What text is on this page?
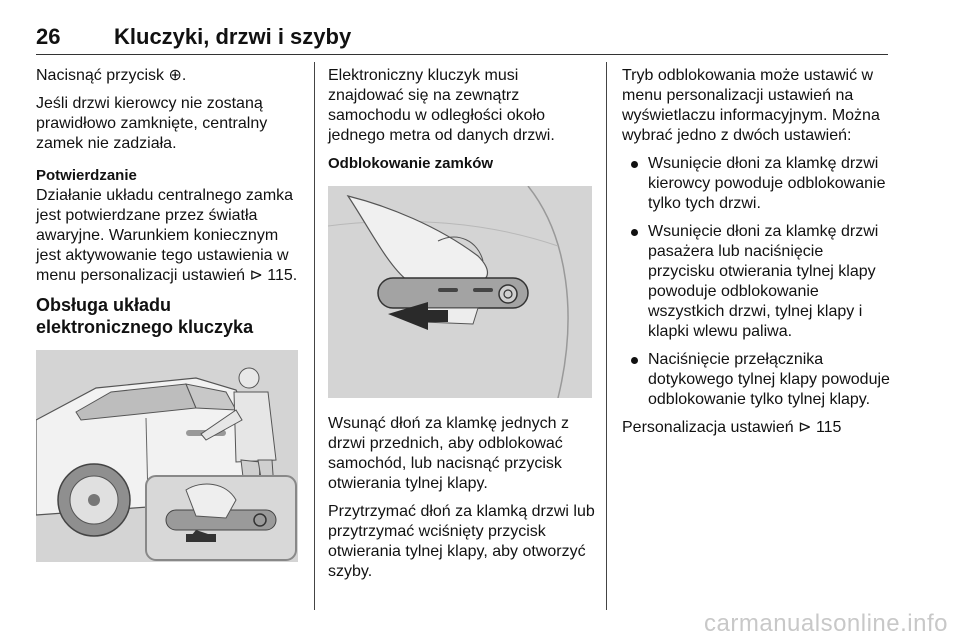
26 Kluczyki, drzwi i szyby

Nacisnąć przycisk ⊕.

Jeśli drzwi kierowcy nie zostaną prawidłowo zamknięte, centralny zamek nie zadziała.

Potwierdzanie

Działanie układu centralnego zamka jest potwierdzane przez światła awaryjne. Warunkiem koniecznym jest aktywowanie tego ustawienia w menu personalizacji ustawień ⊳ 115.

Obsługa układu elektronicznego kluczyka

Elektroniczny kluczyk musi znajdować się na zewnątrz samochodu w odległości około jednego metra od danych drzwi.

Odblokowanie zamków

Wsunąć dłoń za klamkę jednych z drzwi przednich, aby odblokować samochód, lub nacisnąć przycisk otwierania tylnej klapy.

Przytrzymać dłoń za klamką drzwi lub przytrzymać wciśnięty przycisk otwierania tylnej klapy, aby otworzyć szyby.

Tryb odblokowania może ustawić w menu personalizacji ustawień na wyświetlaczu informacyjnym. Można wybrać jedno z dwóch ustawień:

Wsunięcie dłoni za klamkę drzwi kierowcy powoduje odblokowanie tylko tych drzwi.
Wsunięcie dłoni za klamkę drzwi pasażera lub naciśnięcie przycisku otwierania tylnej klapy powoduje odblokowanie wszystkich drzwi, tylnej klapy i klapki wlewu paliwa.
Naciśnięcie przełącznika dotykowego tylnej klapy powoduje odblokowanie tylko tylnej klapy.

Personalizacja ustawień ⊳ 115

carmanualsonline.info
